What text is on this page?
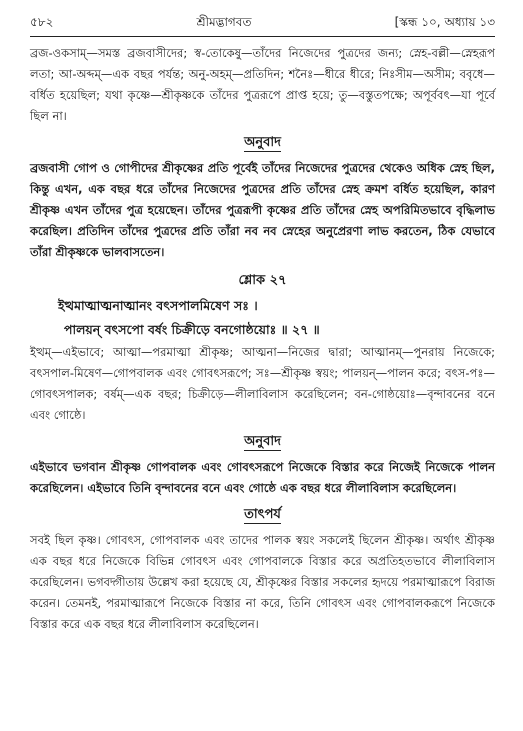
৫৮২	শ্রীমদ্ভাগবত	[স্কন্ধ ১০, অধ্যায় ১৩

ব্রজ-ওকসাম্—সমস্ত ব্রজবাসীদের; স্ব-তোকেষু—তাঁদের নিজেদের পুত্রদের জন্য; স্নেহ-বল্লী—স্নেহরূপ লতা; আ-অব্দম্—এক বছর পর্যন্ত; অনু-অহম্—প্রতিদিন; শনৈঃ—ধীরে ধীরে; নিঃসীম—অসীম; ববৃধে—বর্ধিত হয়েছিল; যথা কৃষ্ণে—শ্রীকৃষ্ণকে তাঁদের পুত্ররূপে প্রাপ্ত হয়ে; তু—বস্তুতপক্ষে; অপূর্ববৎ—যা পূর্বে ছিল না।

অনুবাদ

ব্রজবাসী গোপ ও গোপীদের শ্রীকৃষ্ণের প্রতি পূর্বেই তাঁদের নিজেদের পুত্রদের থেকেও অধিক স্নেহ ছিল, কিন্তু এখন, এক বছর ধরে তাঁদের নিজেদের পুত্রদের প্রতি তাঁদের স্নেহ ক্রমশ বর্ধিত হয়েছিল, কারণ শ্রীকৃষ্ণ এখন তাঁদের পুত্র হয়েছেন। তাঁদের পুত্ররূপী কৃষ্ণের প্রতি তাঁদের স্নেহ অপরিমিতভাবে বৃদ্ধিলাভ করেছিল। প্রতিদিন তাঁদের পুত্রদের প্রতি তাঁরা নব নব স্নেহের অনুপ্রেরণা লাভ করতেন, ঠিক যেভাবে তাঁরা শ্রীকৃষ্ণকে ভালবাসতেন।

শ্লোক ২৭
ইত্থমাত্মাত্মনাত্মানং বৎসপালমিষেণ সঃ ।
পালয়ন্ বৎসপো বর্ষং চিক্রীড়ে বনগোষ্ঠয়োঃ ॥ ২৭ ॥

ইত্থম্—এইভাবে; আত্মা—পরমাত্মা শ্রীকৃষ্ণ; আত্মনা—নিজের দ্বারা; আত্মানম্—পুনরায় নিজেকে; বৎসপাল-মিষেণ—গোপবালক এবং গোবৎসরূপে; সঃ—শ্রীকৃষ্ণ স্বয়ং; পালয়ন্—পালন করে; বৎস-পঃ—গোবৎসপালক; বর্ষম্—এক বছর; চিক্রীড়ে—লীলাবিলাস করেছিলেন; বন-গোষ্ঠয়োঃ—বৃন্দাবনের বনে এবং গোষ্ঠে।

অনুবাদ

এইভাবে ভগবান শ্রীকৃষ্ণ গোপবালক এবং গোবৎসরূপে নিজেকে বিস্তার করে নিজেই নিজেকে পালন করেছিলেন। এইভাবে তিনি বৃন্দাবনের বনে এবং গোষ্ঠে এক বছর ধরে লীলাবিলাস করেছিলেন।

তাৎপর্য

সবই ছিল কৃষ্ণ। গোবৎস, গোপবালক এবং তাদের পালক স্বয়ং সকলেই ছিলেন শ্রীকৃষ্ণ। অর্থাৎ শ্রীকৃষ্ণ এক বছর ধরে নিজেকে বিভিন্ন গোবৎস এবং গোপবালকে বিস্তার করে অপ্রতিহতভাবে লীলাবিলাস করেছিলেন। ভগবদ্গীতায় উল্লেখ করা হয়েছে যে, শ্রীকৃষ্ণের বিস্তার সকলের হৃদয়ে পরমাত্মারূপে বিরাজ করেন। তেমনই, পরমাত্মারূপে নিজেকে বিস্তার না করে, তিনি গোবৎস এবং গোপবালকরূপে নিজেকে বিস্তার করে এক বছর ধরে লীলাবিলাস করেছিলেন।
